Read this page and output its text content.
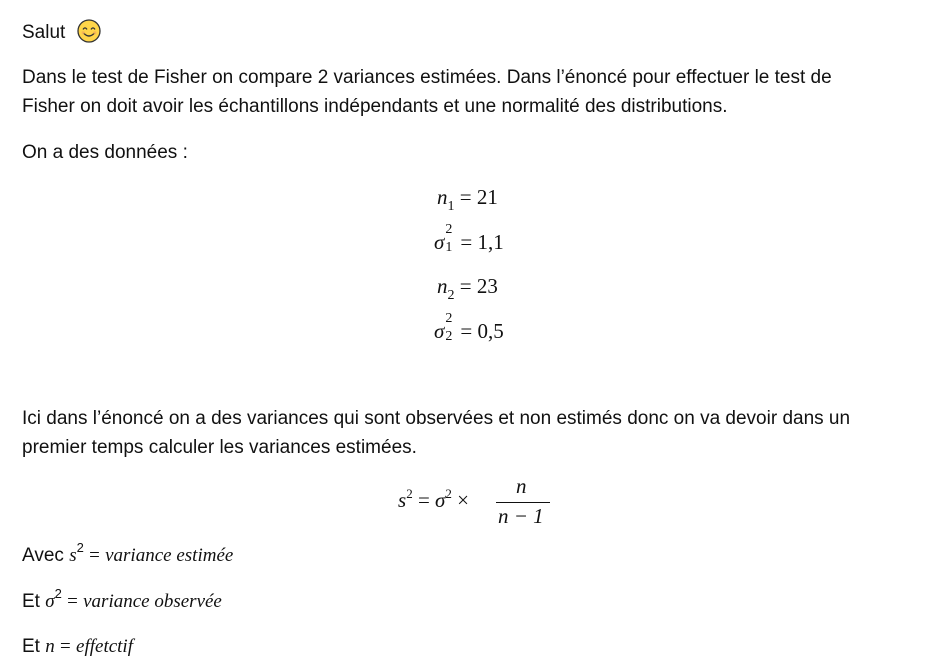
Salut
Dans le test de Fisher on compare 2 variances estimées. Dans l’énoncé pour effectuer le test de
Fisher on doit avoir les échantillons indépendants et une normalité des distributions.
On a des données :
$n_1 = 21$
σ
2
1 = 1,1
$n_2 = 23$
σ
2
2 = 0,5
Ici dans l’énoncé on a des variances qui sont observées et non estimés donc on va devoir dans un
premier temps calculer les variances estimées.
$s^2 = \sigma^2$ ×
n
n − 1
Avec $s^2$ = variance estimée
Et $\sigma^2$ = variance observée
Et n = effetctif
